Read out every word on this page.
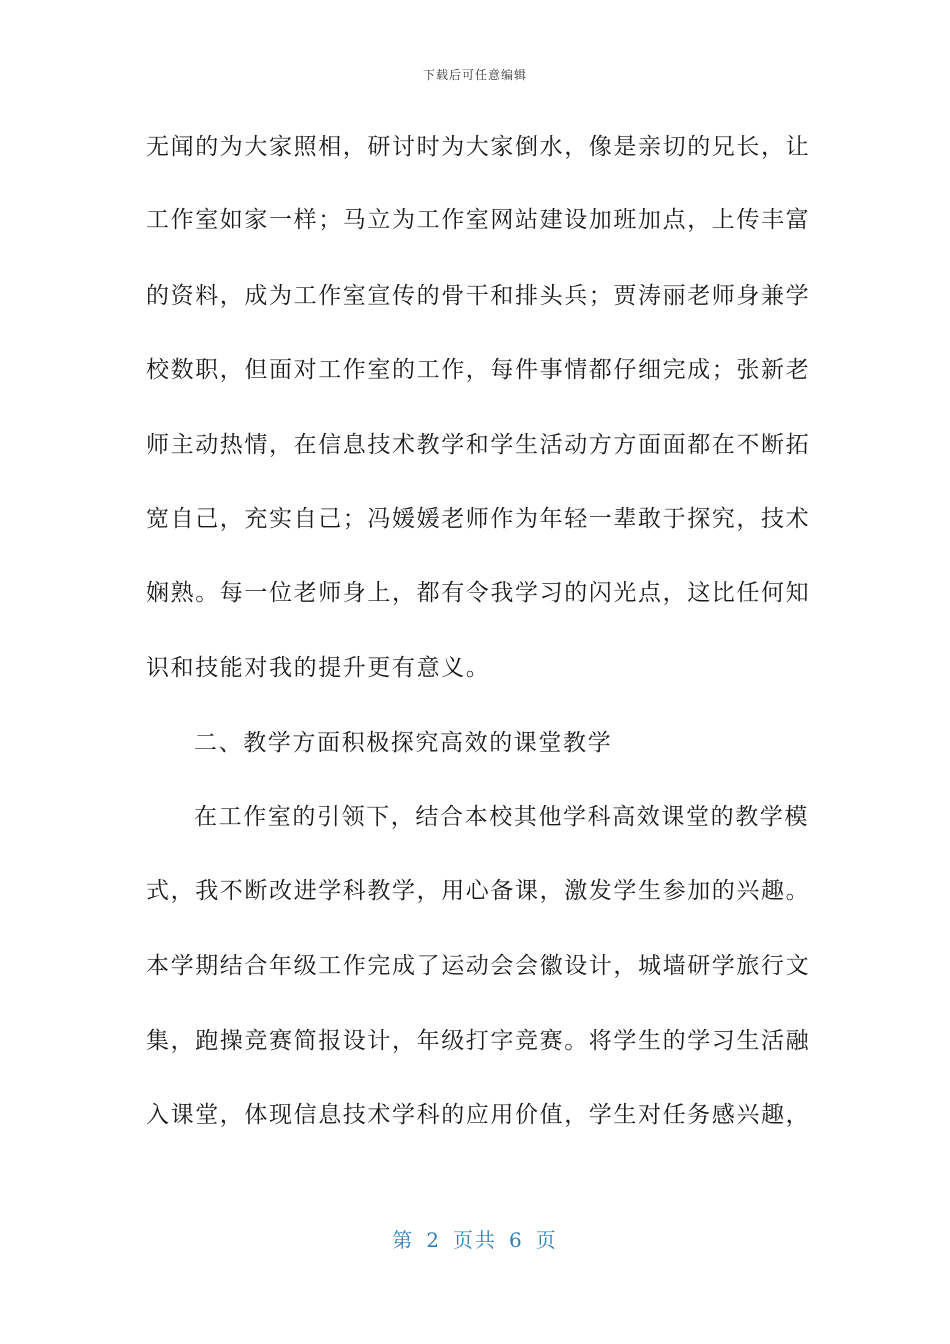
下载后可任意编辑
无闻的为大家照相，研讨时为大家倒水，像是亲切的兄长，让
工作室如家一样；马立为工作室网站建设加班加点，上传丰富
的资料，成为工作室宣传的骨干和排头兵；贾涛丽老师身兼学
校数职，但面对工作室的工作，每件事情都仔细完成；张新老
师主动热情，在信息技术教学和学生活动方方面面都在不断拓
宽自己，充实自己；冯媛媛老师作为年轻一辈敢于探究，技术
娴熟。每一位老师身上，都有令我学习的闪光点，这比任何知
识和技能对我的提升更有意义。
二、教学方面积极探究高效的课堂教学
在工作室的引领下，结合本校其他学科高效课堂的教学模
式，我不断改进学科教学，用心备课，激发学生参加的兴趣。
本学期结合年级工作完成了运动会会徽设计，城墙研学旅行文
集，跑操竞赛简报设计，年级打字竞赛。将学生的学习生活融
入课堂，体现信息技术学科的应用价值，学生对任务感兴趣，
第 2 页共 6 页
